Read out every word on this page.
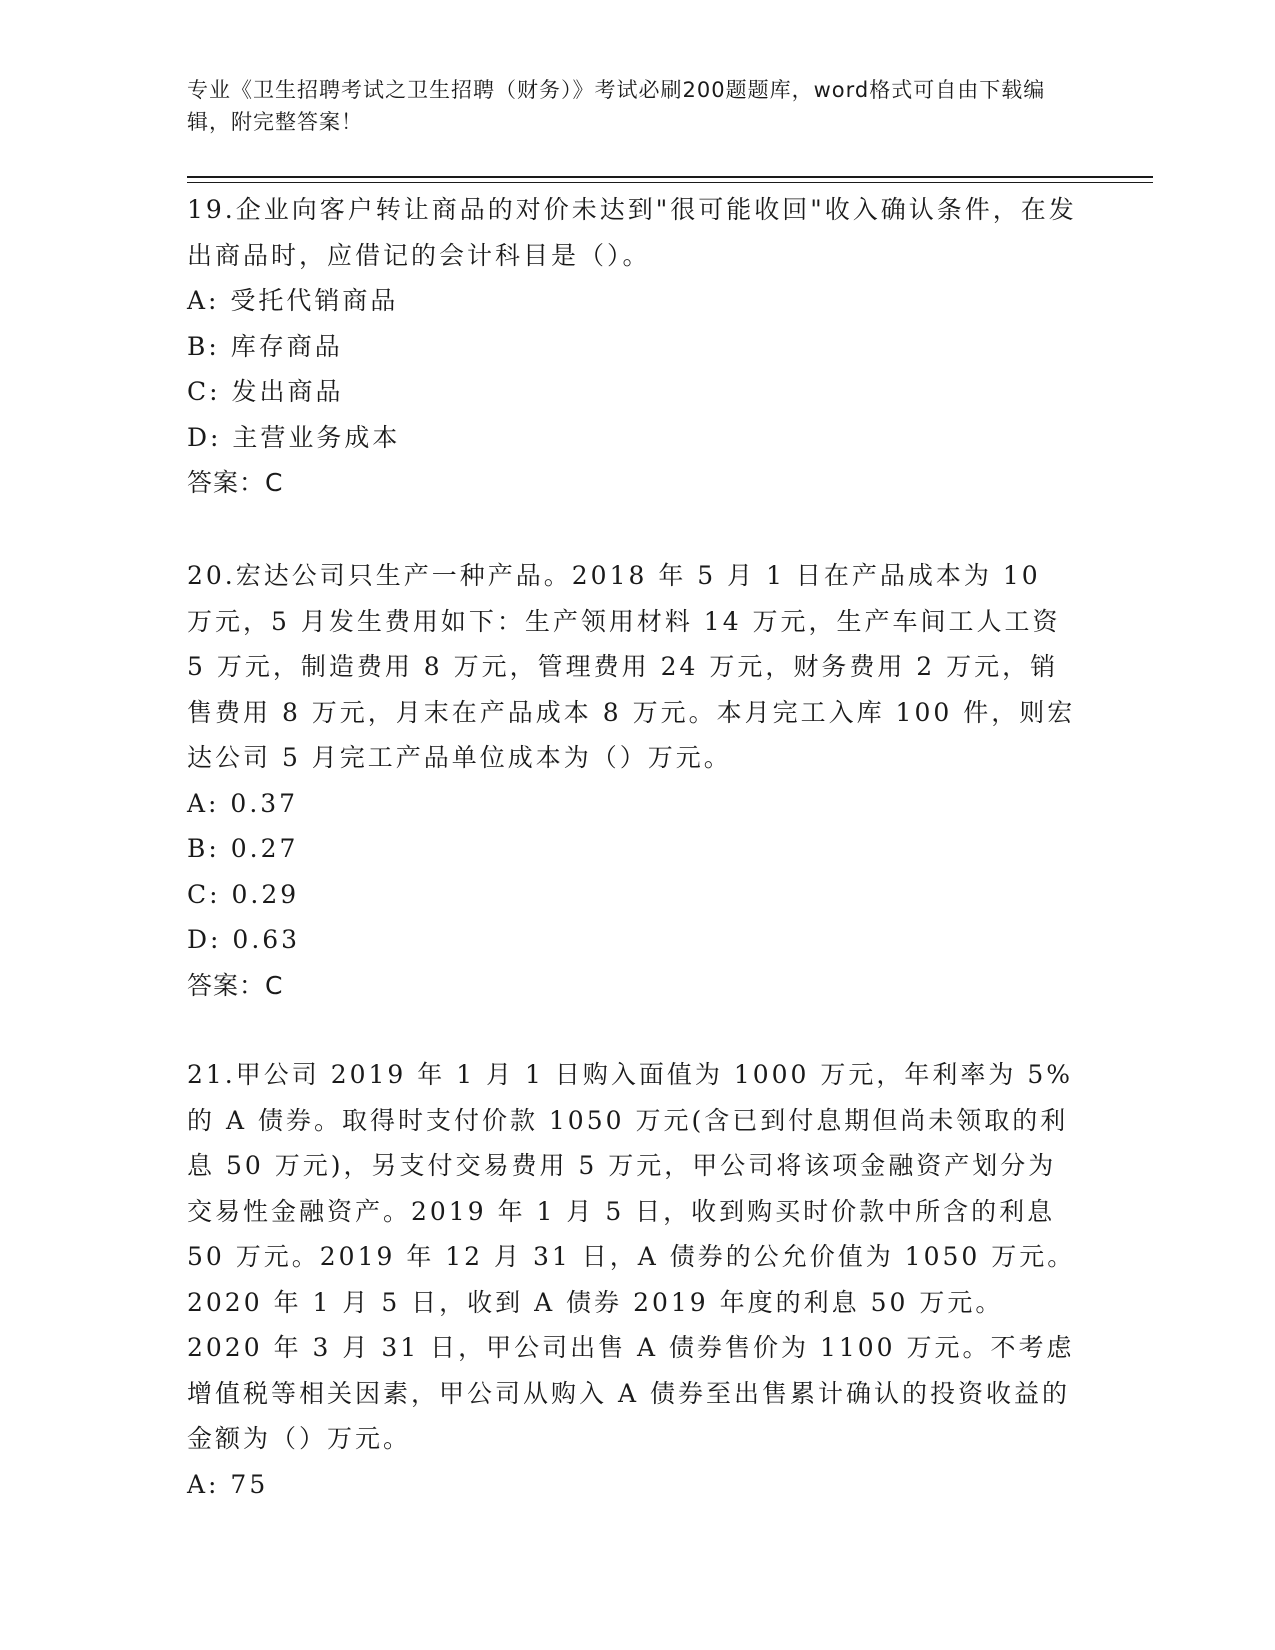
专业《卫生招聘考试之卫生招聘（财务）》考试必刷200题题库，word格式可自由下载编辑，附完整答案！
19.企业向客户转让商品的对价未达到"很可能收回"收入确认条件，在发出商品时，应借记的会计科目是（）。
A: 受托代销商品
B: 库存商品
C: 发出商品
D: 主营业务成本
答案：C
20.宏达公司只生产一种产品。2018 年 5 月 1 日在产品成本为 10 万元，5 月发生费用如下：生产领用材料 14 万元，生产车间工人工资 5 万元，制造费用 8 万元，管理费用 24 万元，财务费用 2 万元，销售费用 8 万元，月末在产品成本 8 万元。本月完工入库 100 件，则宏达公司 5 月完工产品单位成本为（）万元。
A: 0.37
B: 0.27
C: 0.29
D: 0.63
答案：C
21.甲公司 2019 年 1 月 1 日购入面值为 1000 万元，年利率为 5%的 A 债券。取得时支付价款 1050 万元(含已到付息期但尚未领取的利息 50 万元)，另支付交易费用 5 万元，甲公司将该项金融资产划分为交易性金融资产。2019 年 1 月 5 日，收到购买时价款中所含的利息 50 万元。2019 年 12 月 31 日，A 债券的公允价值为 1050 万元。2020 年 1 月 5 日，收到 A 债券 2019 年度的利息 50 万元。2020 年 3 月 31 日，甲公司出售 A 债券售价为 1100 万元。不考虑增值税等相关因素，甲公司从购入 A 债券至出售累计确认的投资收益的金额为（）万元。
A: 75
